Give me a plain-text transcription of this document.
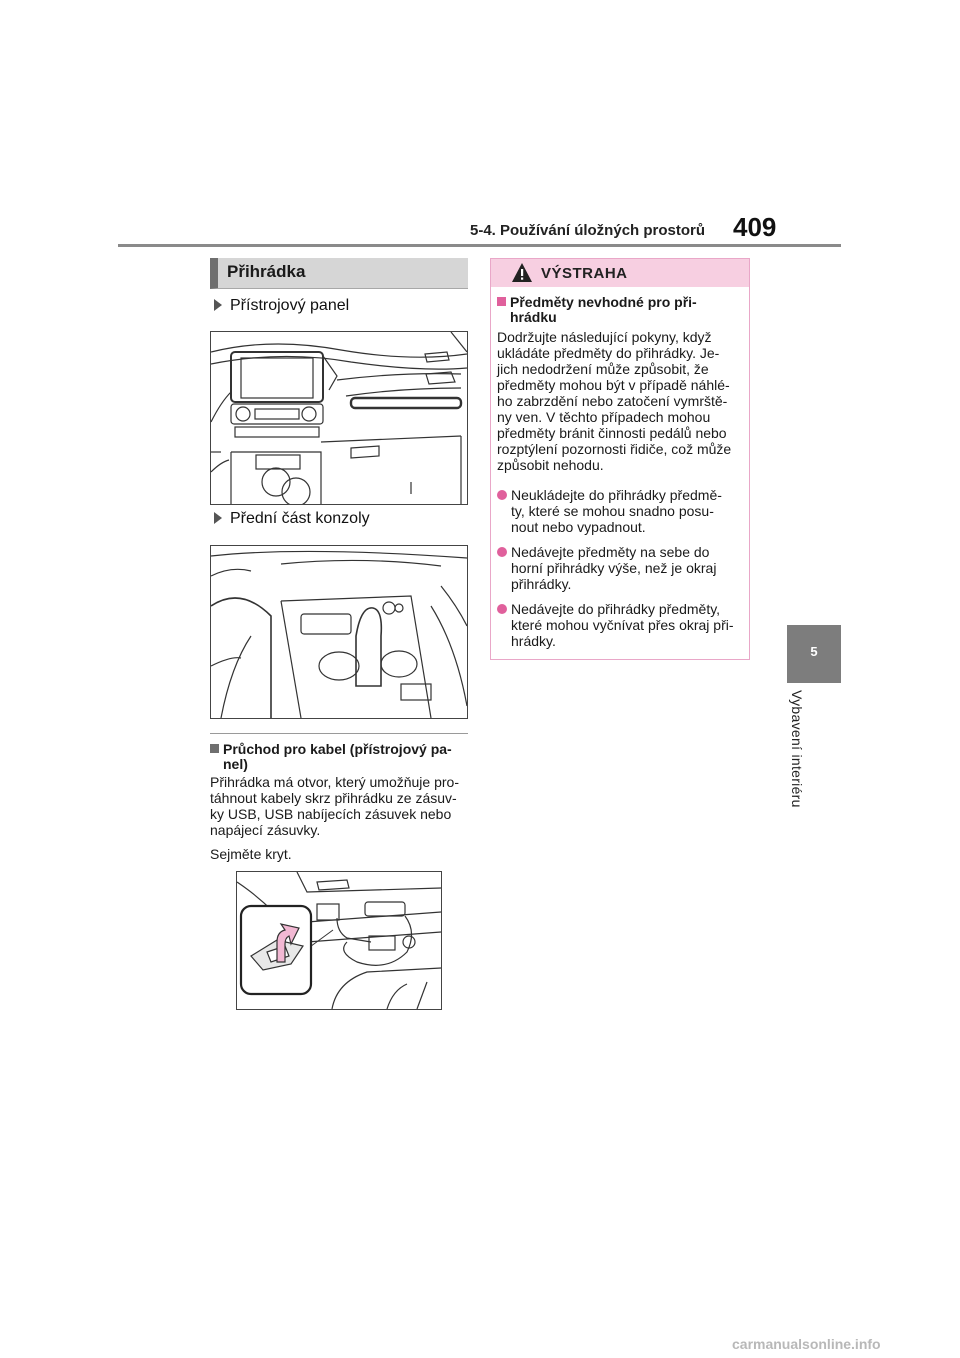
5-4. Používání úložných prostorů 409
5
Vybavení interiéru
Přihrádka
Přístrojový panel
Přední část konzoly
Průchod pro kabel (přístrojový pa-
nel)
Přihrádka má otvor, který umožňuje pro-
táhnout kabely skrz přihrádku ze zásuv-
ky USB, USB nabíjecích zásuvek nebo
napájecí zásuvky.
Sejměte kryt.
VÝSTRAHA
Předměty nevhodné pro při-
hrádku
Dodržujte následující pokyny, když
ukládáte předměty do přihrádky. Je-
jich nedodržení může způsobit, že
předměty mohou být v případě náhlé-
ho zabrzdění nebo zatočení vymrště-
ny ven. V těchto případech mohou
předměty bránit činnosti pedálů nebo
rozptýlení pozornosti řidiče, což může
způsobit nehodu.
Neukládejte do přihrádky předmě-
ty, které se mohou snadno posu-
nout nebo vypadnout.
Nedávejte předměty na sebe do
horní přihrádky výše, než je okraj
přihrádky.
Nedávejte do přihrádky předměty,
které mohou vyčnívat přes okraj při-
hrádky.
carmanualsonline.info
